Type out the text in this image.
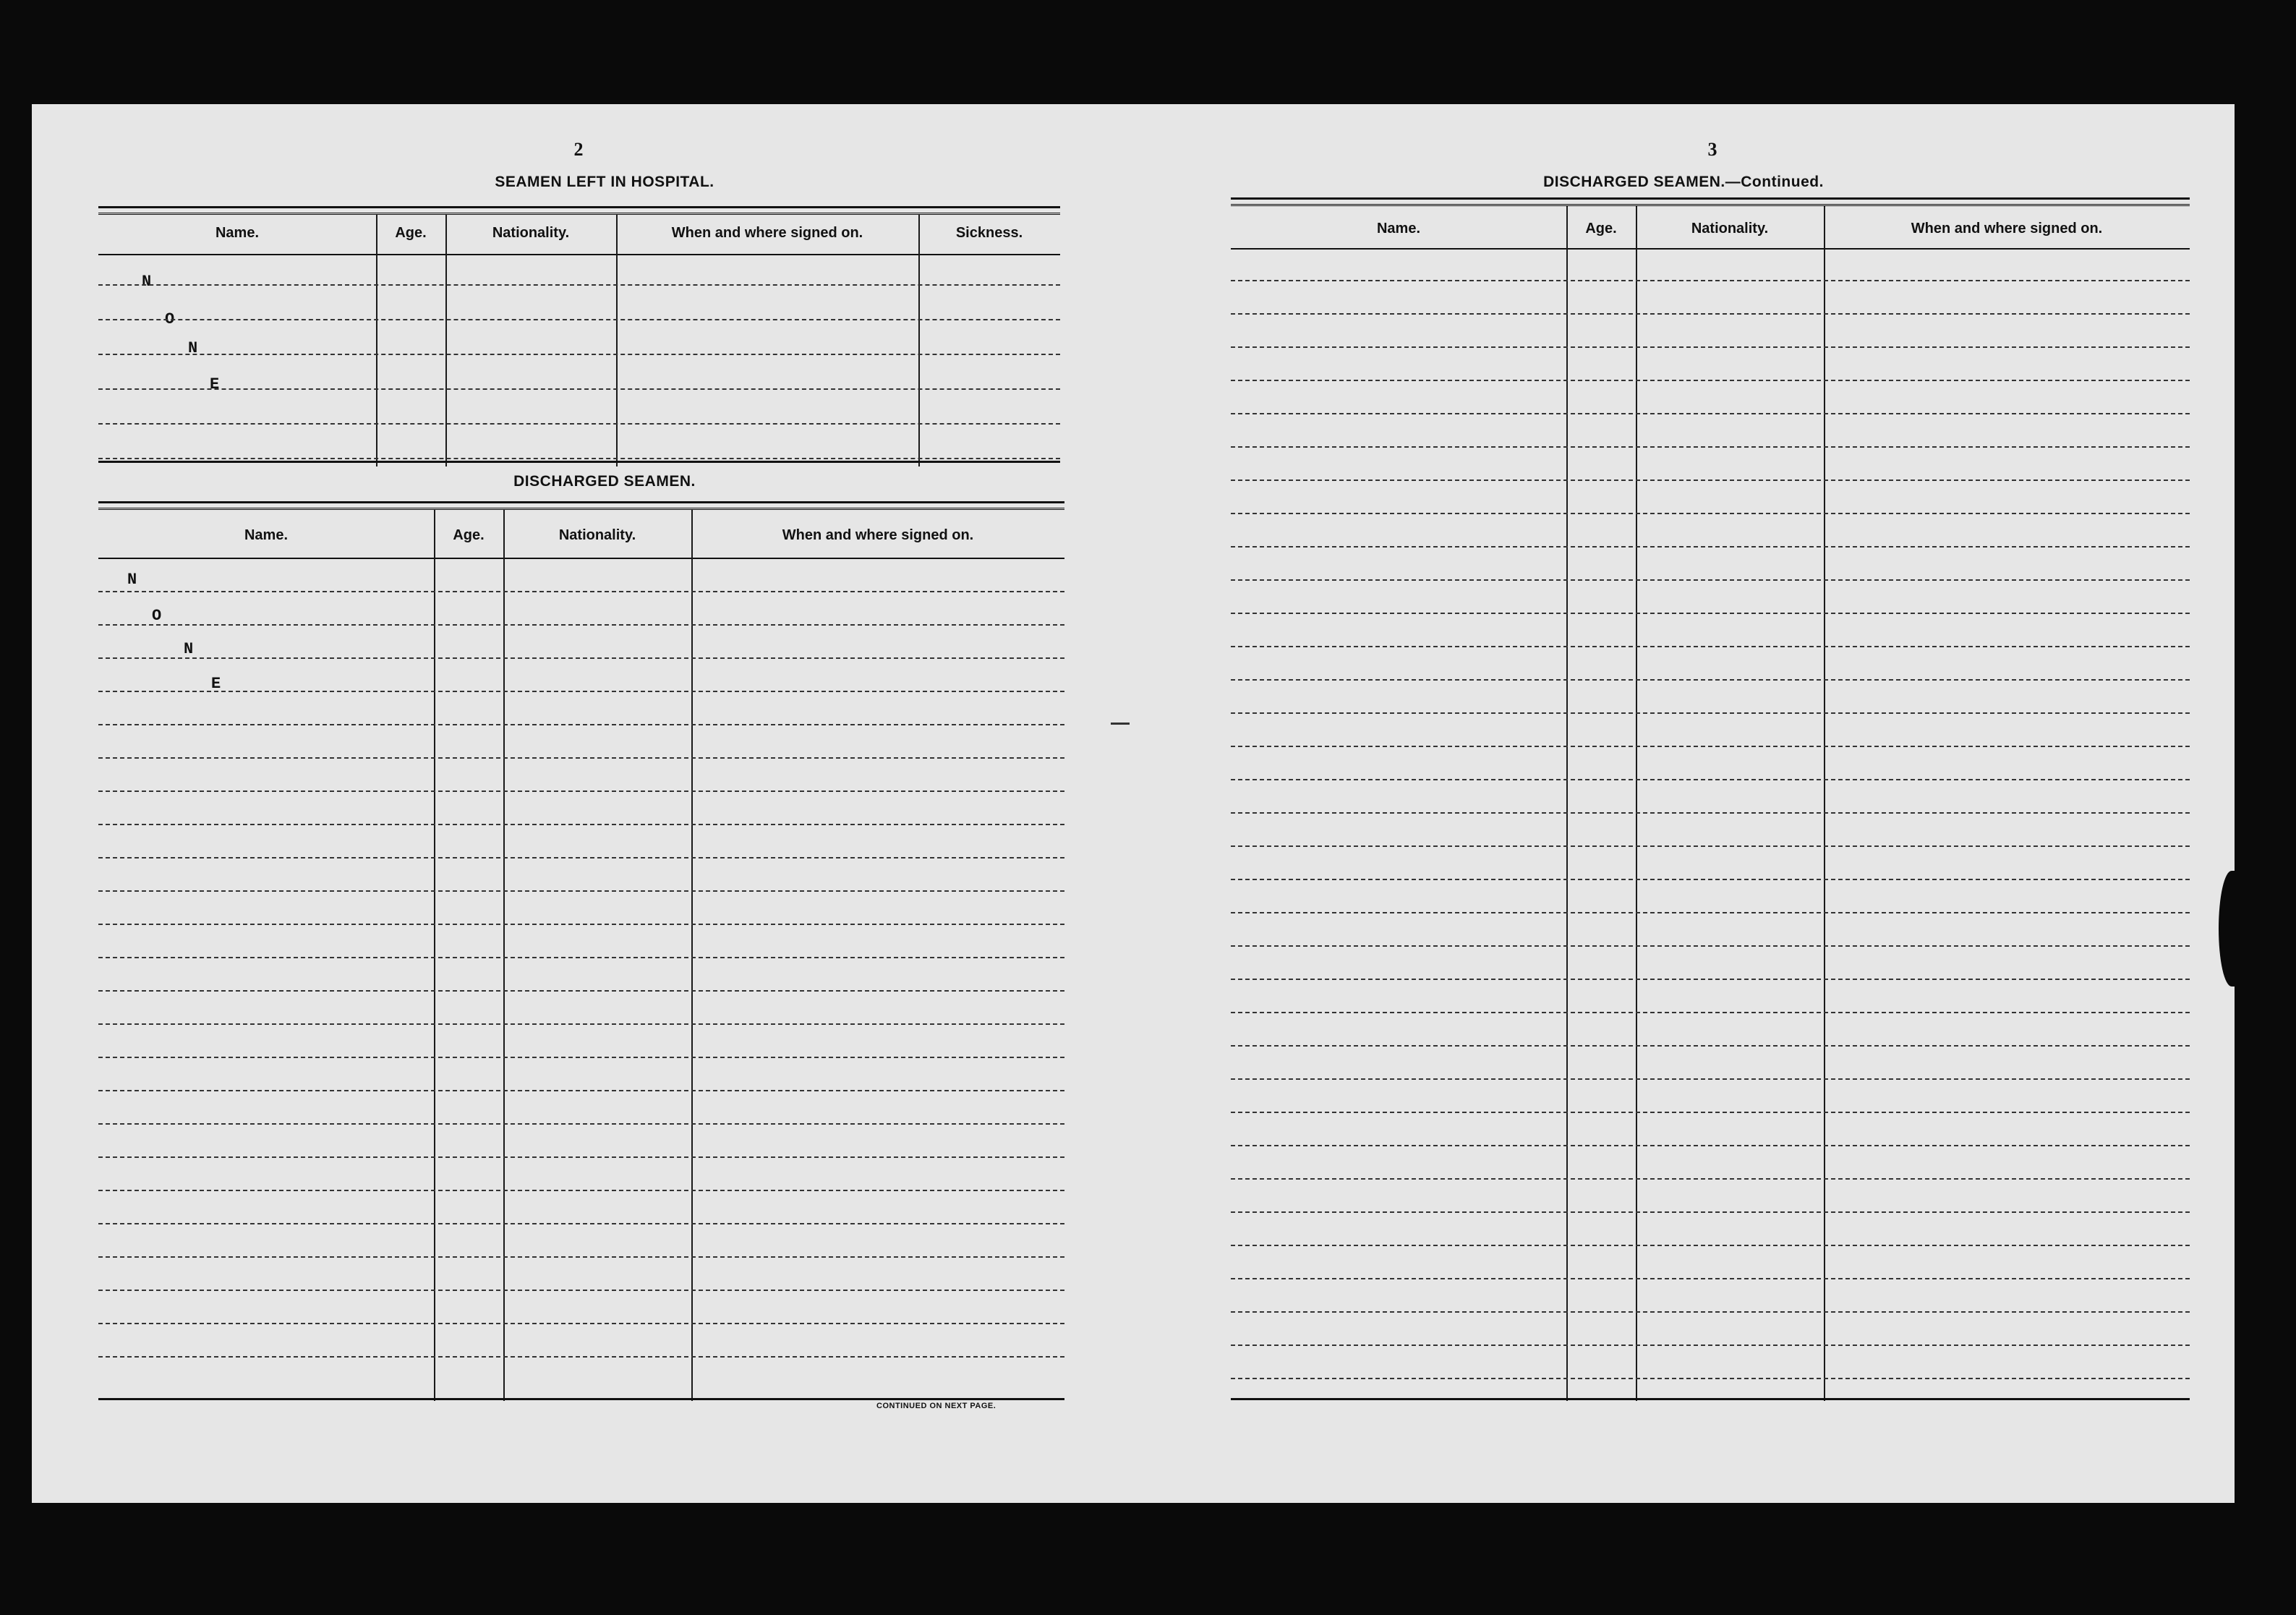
2
SEAMEN LEFT IN HOSPITAL.
Name.	Age.	Nationality.	When and where signed on.	Sickness.
N
O
N
E
DISCHARGED SEAMEN.
Name.	Age.	Nationality.	When and where signed on.
N
O
N
E
CONTINUED ON NEXT PAGE.
3
DISCHARGED SEAMEN.—Continued.
Name.	Age.	Nationality.	When and where signed on.
